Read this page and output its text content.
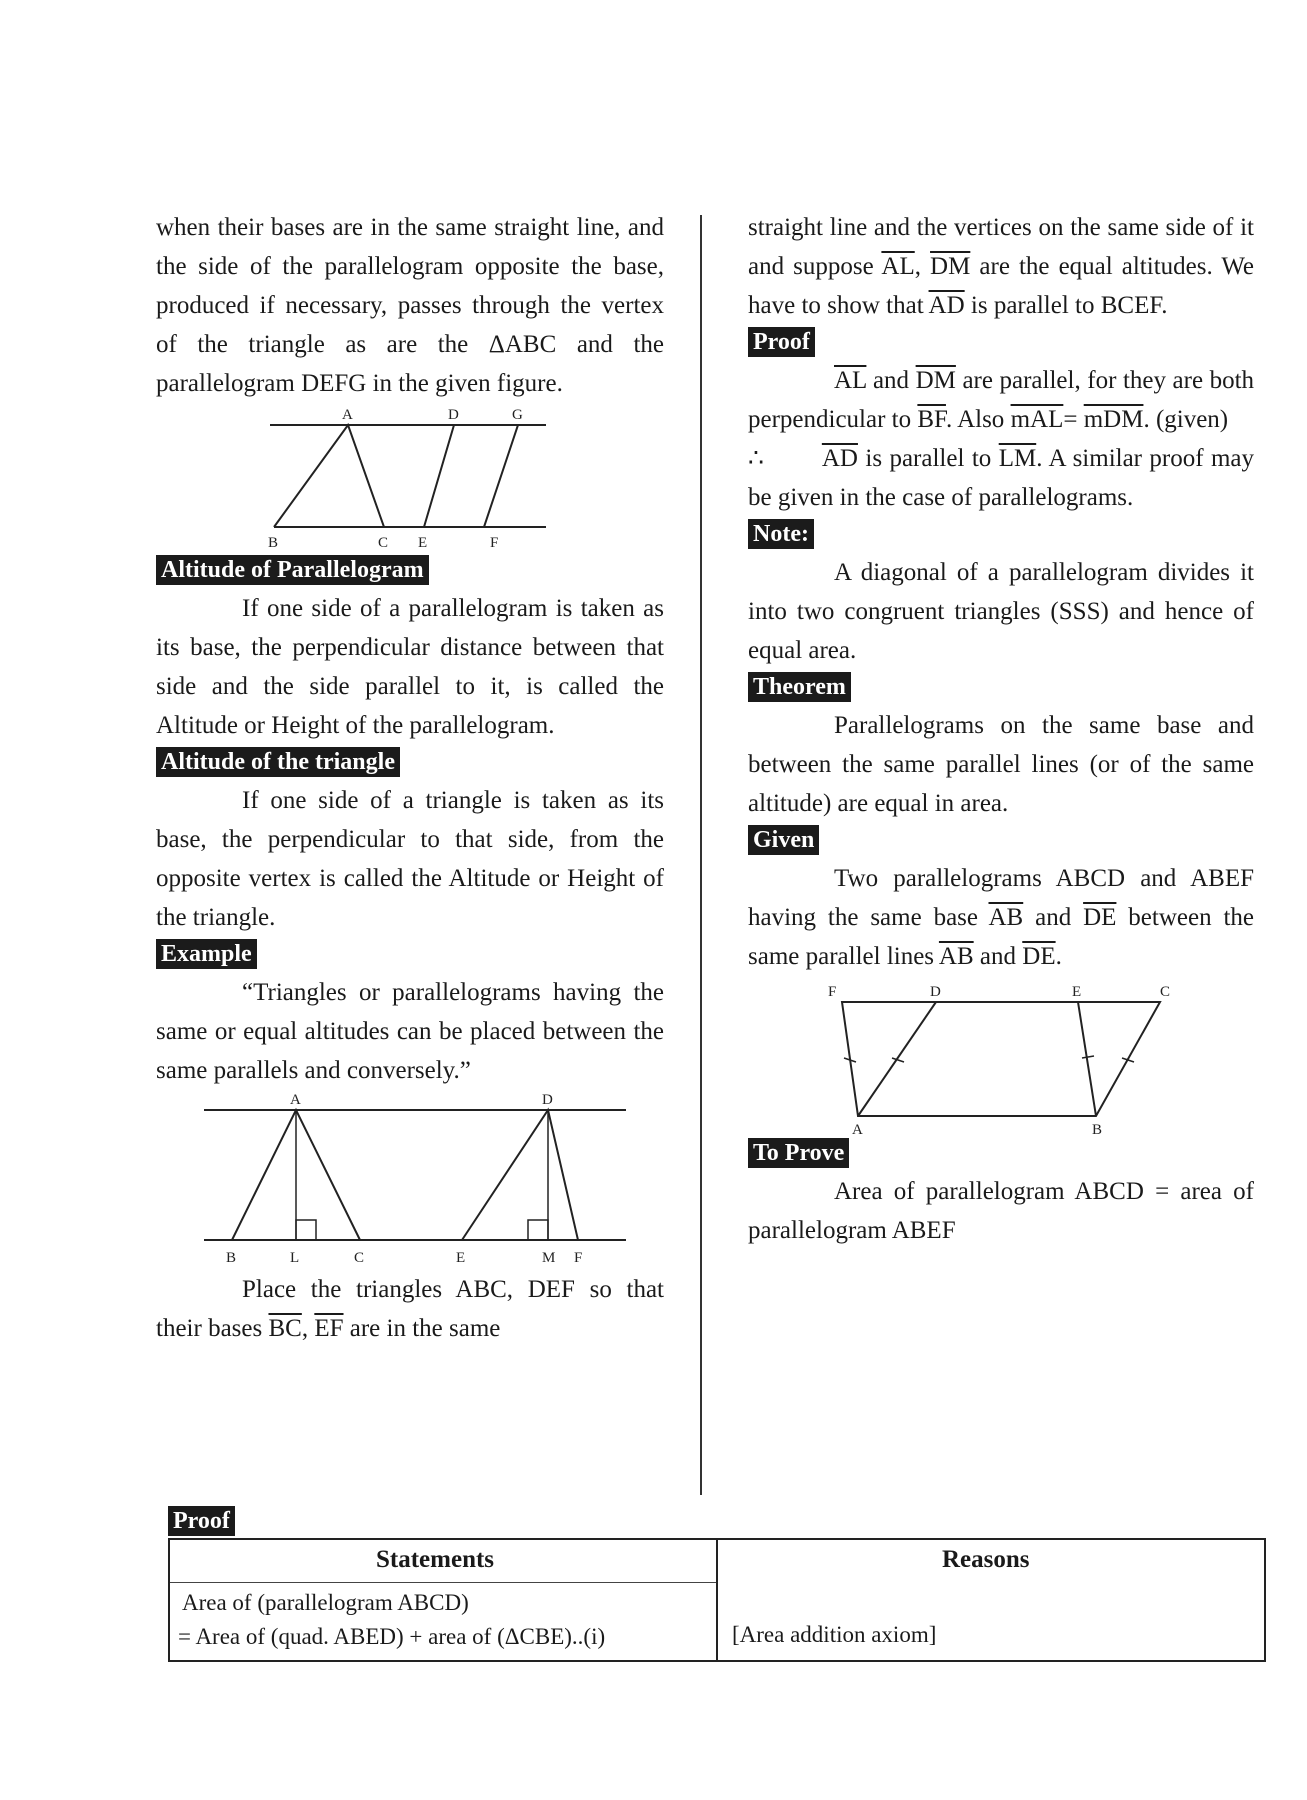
when their bases are in the same straight line, and the side of the parallelogram opposite the base, produced if necessary, passes through the vertex of the triangle as are the ΔABC and the parallelogram DEFG in the given figure.

A	D	G
B	C E	F
Altitude of Parallelogram

If one side of a parallelogram is taken as its base, the perpendicular distance between that side and the side parallel to it, is called the Altitude or Height of the parallelogram.

Altitude of the triangle

If one side of a triangle is taken as its base, the perpendicular to that side, from the opposite vertex is called the Altitude or Height of the triangle.

Example

“Triangles or parallelograms having the same or equal altitudes can be placed between the same parallels and conversely.”

A	D
B	L	C	E	M F

Place the triangles ABC, DEF so that their bases $\overline{BC}$, $\overline{EF}$ are in the same

straight line and the vertices on the same side of it and suppose $\overline{AL}$, $\overline{DM}$ are the equal altitudes. We have to show that $\overline{AD}$ is parallel to BCEF.

Proof

$\overline{AL}$ and $\overline{DM}$ are parallel, for they are both perpendicular to $\overline{BF}$. Also $\overline{mAL}= \overline{mDM}$. (given)

∴ $\overline{AD}$ is parallel to $\overline{LM}$. A similar proof may be given in the case of parallelograms.

Note:

A diagonal of a parallelogram divides it into two congruent triangles (SSS) and hence of equal area.

Theorem

Parallelograms on the same base and between the same parallel lines (or of the same altitude) are equal in area.

Given

Two parallelograms ABCD and ABEF having the same base $\overline{AB}$ and $\overline{DE}$ between the same parallel lines $\overline{AB}$ and $\overline{DE}$.

F	D	E	C
A	B
To Prove

Area of parallelogram ABCD = area of parallelogram ABEF

Proof
Statements	Reasons
Area of (parallelogram ABCD)
= Area of (quad. ABED) + area of (ΔCBE)..(i)	[Area addition axiom]
